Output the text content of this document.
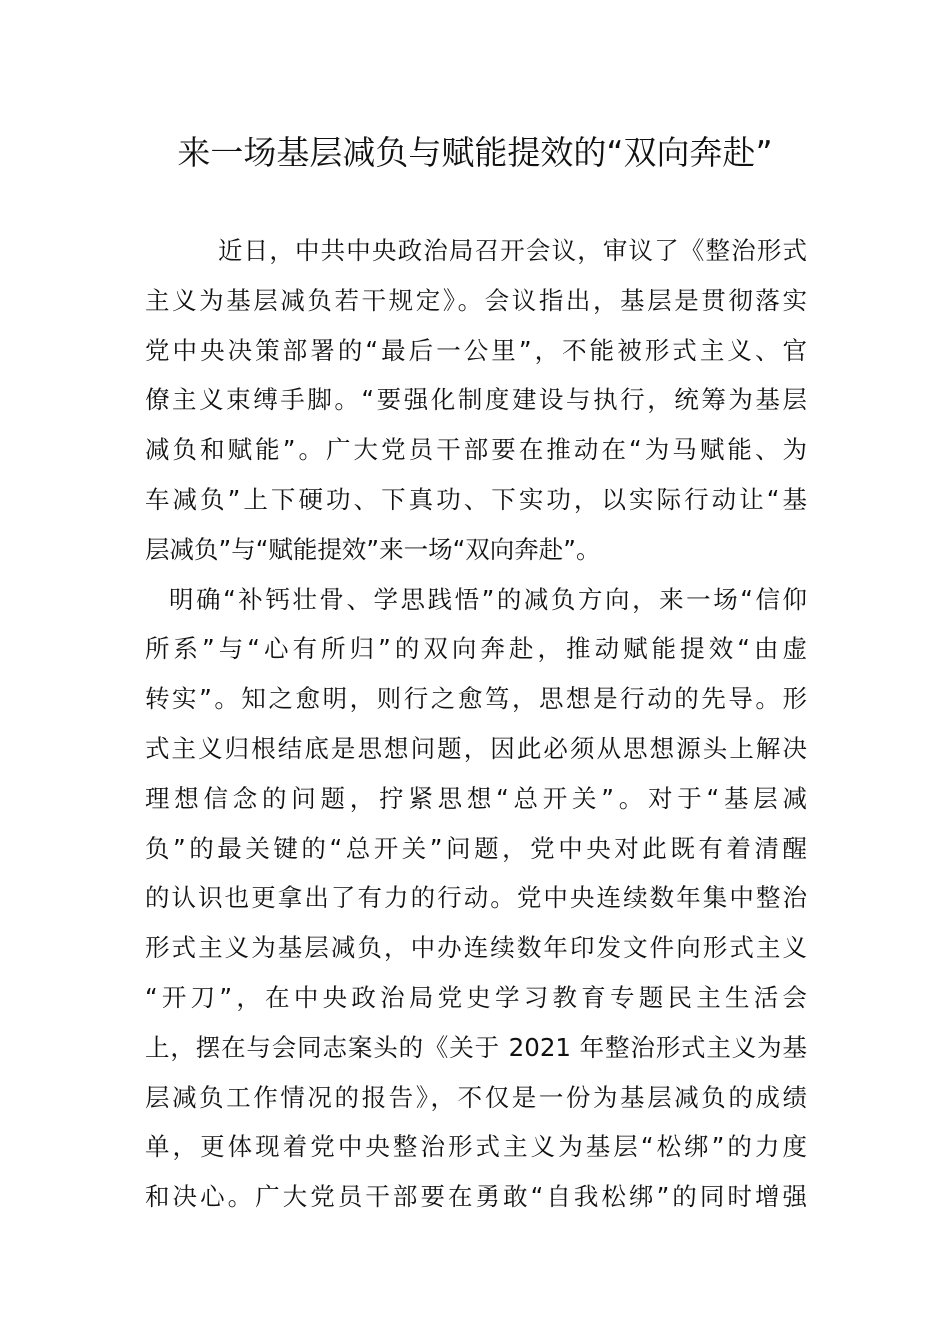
来一场基层减负与赋能提效的“双向奔赴”
近日，中共中央政治局召开会议，审议了《整治形式
主义为基层减负若干规定》。会议指出，基层是贯彻落实
党中央决策部署的“最后一公里”，不能被形式主义、官
僚主义束缚手脚。“要强化制度建设与执行，统筹为基层
减负和赋能”。广大党员干部要在推动在“为马赋能、为
车减负”上下硬功、下真功、下实功，以实际行动让“基
层减负”与“赋能提效”来一场“双向奔赴”。
明确“补钙壮骨、学思践悟”的减负方向，来一场“信仰
所系”与“心有所归”的双向奔赴，推动赋能提效“由虚
转实”。知之愈明，则行之愈笃，思想是行动的先导。形
式主义归根结底是思想问题，因此必须从思想源头上解决
理想信念的问题，拧紧思想“总开关”。对于“基层减
负”的最关键的“总开关”问题，党中央对此既有着清醒
的认识也更拿出了有力的行动。党中央连续数年集中整治
形式主义为基层减负，中办连续数年印发文件向形式主义
“开刀”，在中央政治局党史学习教育专题民主生活会
上，摆在与会同志案头的《关于 2021 年整治形式主义为基
层减负工作情况的报告》，不仅是一份为基层减负的成绩
单，更体现着党中央整治形式主义为基层“松绑”的力度
和决心。广大党员干部要在勇敢“自我松绑”的同时增强
